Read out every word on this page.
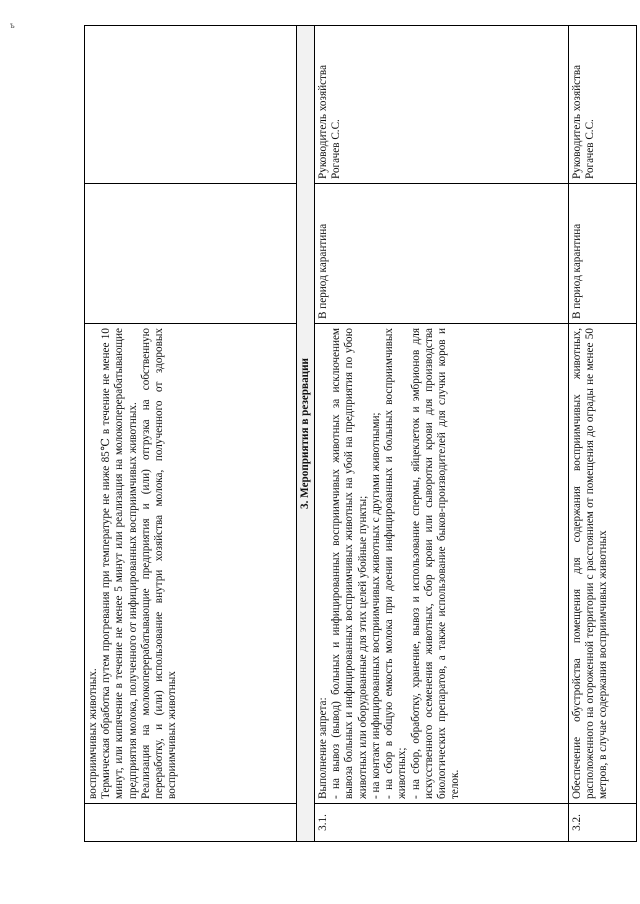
ъ

	восприимчивых животных. Термическая обработка путем прогревания при температуре не ниже 85℃ в течение не менее 10 минут, или кипячение в течение не менее 5 минут или реализация на молокоперерабатывающие предприятия молока, полученного от инфицированных восприимчивых животных. Реализация на молокоперерабатывающие предприятия и (или) отгрузка на собственную переработку, и (или) использование внутри хозяйства молока, полученного от здоровых восприимчивых животных		

3. Мероприятия в резервации			
3.1.	Выполнение запрета: - на вывоз (вывод) больных и инфицированных восприимчивых животных за исключением вывоза больных и инфицированных восприимчивых животных на убой на предприятия по убою животных или оборудованные для этих целей убойные пункты; - на контакт инфицированных восприимчивых животных с другими животными; - на сбор в общую емкость молока при доении инфицированных и больных восприимчивых животных; - на сбор, обработку, хранение, вывоз и использование спермы, яйцеклеток и эмбрионов для искусственного осеменения животных, сбор крови или сыворотки крови для производства биологических препаратов, а также использование быков-производителей для случки коров и телок.	В период карантина	Руководитель хозяйства Рогачев С.С.
3.2.	Обеспечение обустройства помещения для содержания восприимчивых животных, расположенного на огороженной территории с расстоянием от помещения до ограды не менее 50 метров, в случае содержания восприимчивых животных	В период карантина	Руководитель хозяйства Рогачев С.С.
